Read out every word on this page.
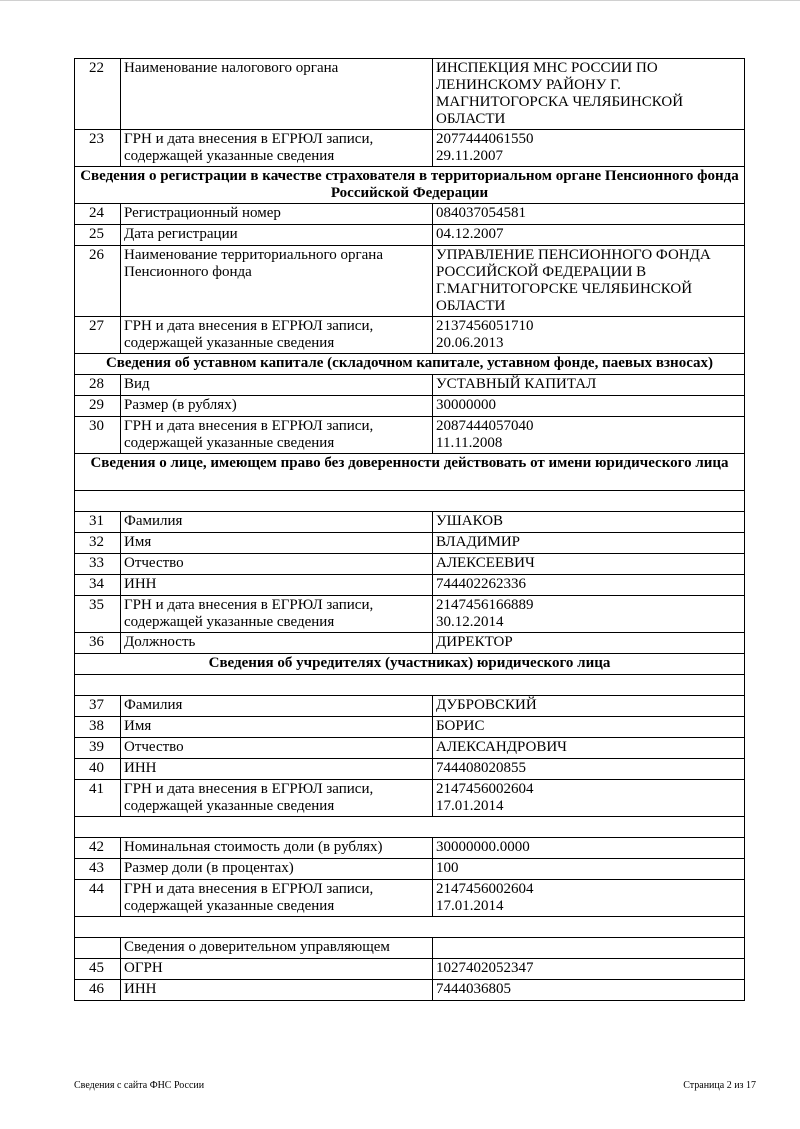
22	Наименование налогового органа	ИНСПЕКЦИЯ МНС РОССИИ ПО ЛЕНИНСКОМУ РАЙОНУ Г. МАГНИТОГОРСКА ЧЕЛЯБИНСКОЙ ОБЛАСТИ
23	ГРН и дата внесения в ЕГРЮЛ записи, содержащей указанные сведения	2077444061550
29.11.2007
Сведения о регистрации в качестве страхователя в территориальном органе Пенсионного фонда Российской Федерации		
24	Регистрационный номер	084037054581
25	Дата регистрации	04.12.2007
26	Наименование территориального органа Пенсионного фонда	УПРАВЛЕНИЕ ПЕНСИОННОГО ФОНДА РОССИЙСКОЙ ФЕДЕРАЦИИ В Г.МАГНИТОГОРСКЕ ЧЕЛЯБИНСКОЙ ОБЛАСТИ
27	ГРН и дата внесения в ЕГРЮЛ записи, содержащей указанные сведения	2137456051710
20.06.2013
Сведения об уставном капитале (складочном капитале, уставном фонде, паевых взносах)		
28	Вид	УСТАВНЫЙ КАПИТАЛ
29	Размер (в рублях)	30000000
30	ГРН и дата внесения в ЕГРЮЛ записи, содержащей указанные сведения	2087444057040
11.11.2008
Сведения о лице, имеющем право без доверенности действовать от имени юридического лица		

31	Фамилия	УШАКОВ
32	Имя	ВЛАДИМИР
33	Отчество	АЛЕКСЕЕВИЧ
34	ИНН	744402262336
35	ГРН и дата внесения в ЕГРЮЛ записи, содержащей указанные сведения	2147456166889
30.12.2014
36	Должность	ДИРЕКТОР
Сведения об учредителях (участниках) юридического лица		

37	Фамилия	ДУБРОВСКИЙ
38	Имя	БОРИС
39	Отчество	АЛЕКСАНДРОВИЧ
40	ИНН	744408020855
41	ГРН и дата внесения в ЕГРЮЛ записи, содержащей указанные сведения	2147456002604
17.01.2014

42	Номинальная стоимость доли (в рублях)	30000000.0000
43	Размер доли (в процентах)	100
44	ГРН и дата внесения в ЕГРЮЛ записи, содержащей указанные сведения	2147456002604
17.01.2014

	Сведения о доверительном управляющем	
45	ОГРН	1027402052347
46	ИНН	7444036805
Сведения с сайта ФНС России	Страница 2 из 17
